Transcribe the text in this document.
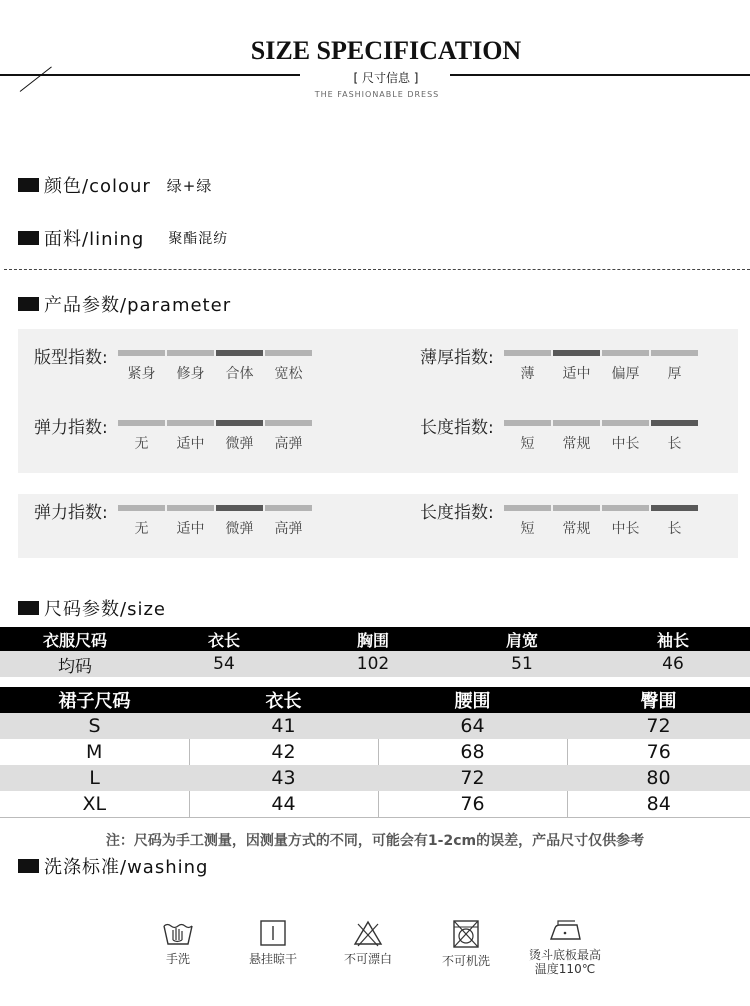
SIZE SPECIFICATION
[ 尺寸信息 ]
THE FASHIONABLE DRESS
颜色/colour 绿+绿
面料/lining 聚酯混纺
产品参数/parameter
版型指数:
紧身	修身	合体	宽松
薄厚指数:
薄	适中	偏厚	厚
弹力指数:
无	适中	微弹	高弹
长度指数:
短	常规	中长	长
弹力指数:
无	适中	微弹	高弹
长度指数:
短	常规	中长	长
尺码参数/size
衣服尺码	衣长	胸围	肩宽	袖长
均码	54	102	51	46
裙子尺码	衣长	腰围	臀围
S	41	64	72
M	42	68	76
L	43	72	80
XL	44	76	84
注：尺码为手工测量，因测量方式的不同，可能会有1-2cm的误差，产品尺寸仅供参考
洗涤标准/washing
手洗	悬挂晾干	不可漂白	不可机洗	烫斗底板最高
温度110℃
